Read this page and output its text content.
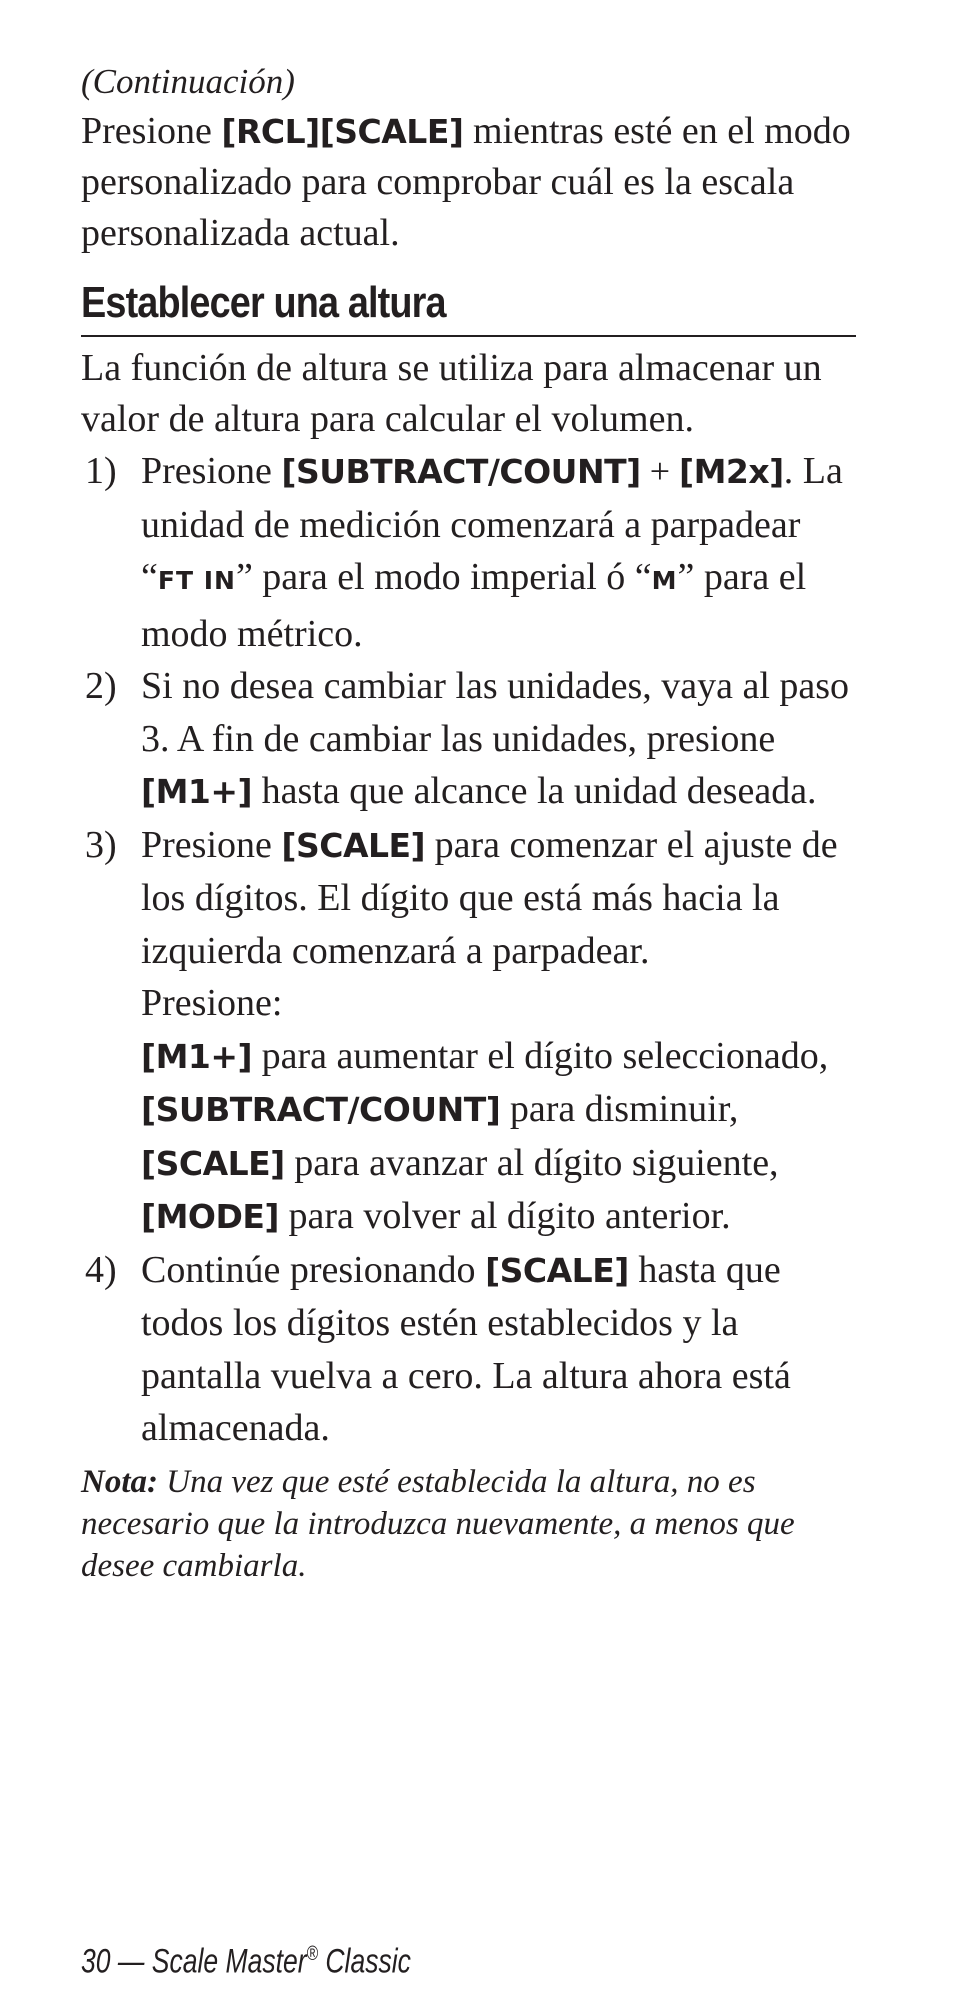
(Continuación)

Presione [RCL][SCALE] mientras esté en el modo personalizado para comprobar cuál es la escala personalizada actual.

Establecer una altura

La función de altura se utiliza para almacenar un valor de altura para calcular el volumen.

1) Presione [SUBTRACT/COUNT] + [M2x]. La unidad de medición comenzará a parpadear “FT IN” para el modo imperial ó “M” para el modo métrico.
2) Si no desea cambiar las unidades, vaya al paso 3. A fin de cambiar las unidades, presione [M1+] hasta que alcance la unidad deseada.
3) Presione [SCALE] para comenzar el ajuste de los dígitos. El dígito que está más hacia la izquierda comenzará a parpadear.
Presione:
[M1+] para aumentar el dígito seleccionado,
[SUBTRACT/COUNT] para disminuir,
[SCALE] para avanzar al dígito siguiente,
[MODE] para volver al dígito anterior.
4) Continúe presionando [SCALE] hasta que todos los dígitos estén establecidos y la pantalla vuelva a cero. La altura ahora está almacenada.

Nota: Una vez que esté establecida la altura, no es necesario que la introduzca nuevamente, a menos que desee cambiarla.

30 — Scale Master® Classic
